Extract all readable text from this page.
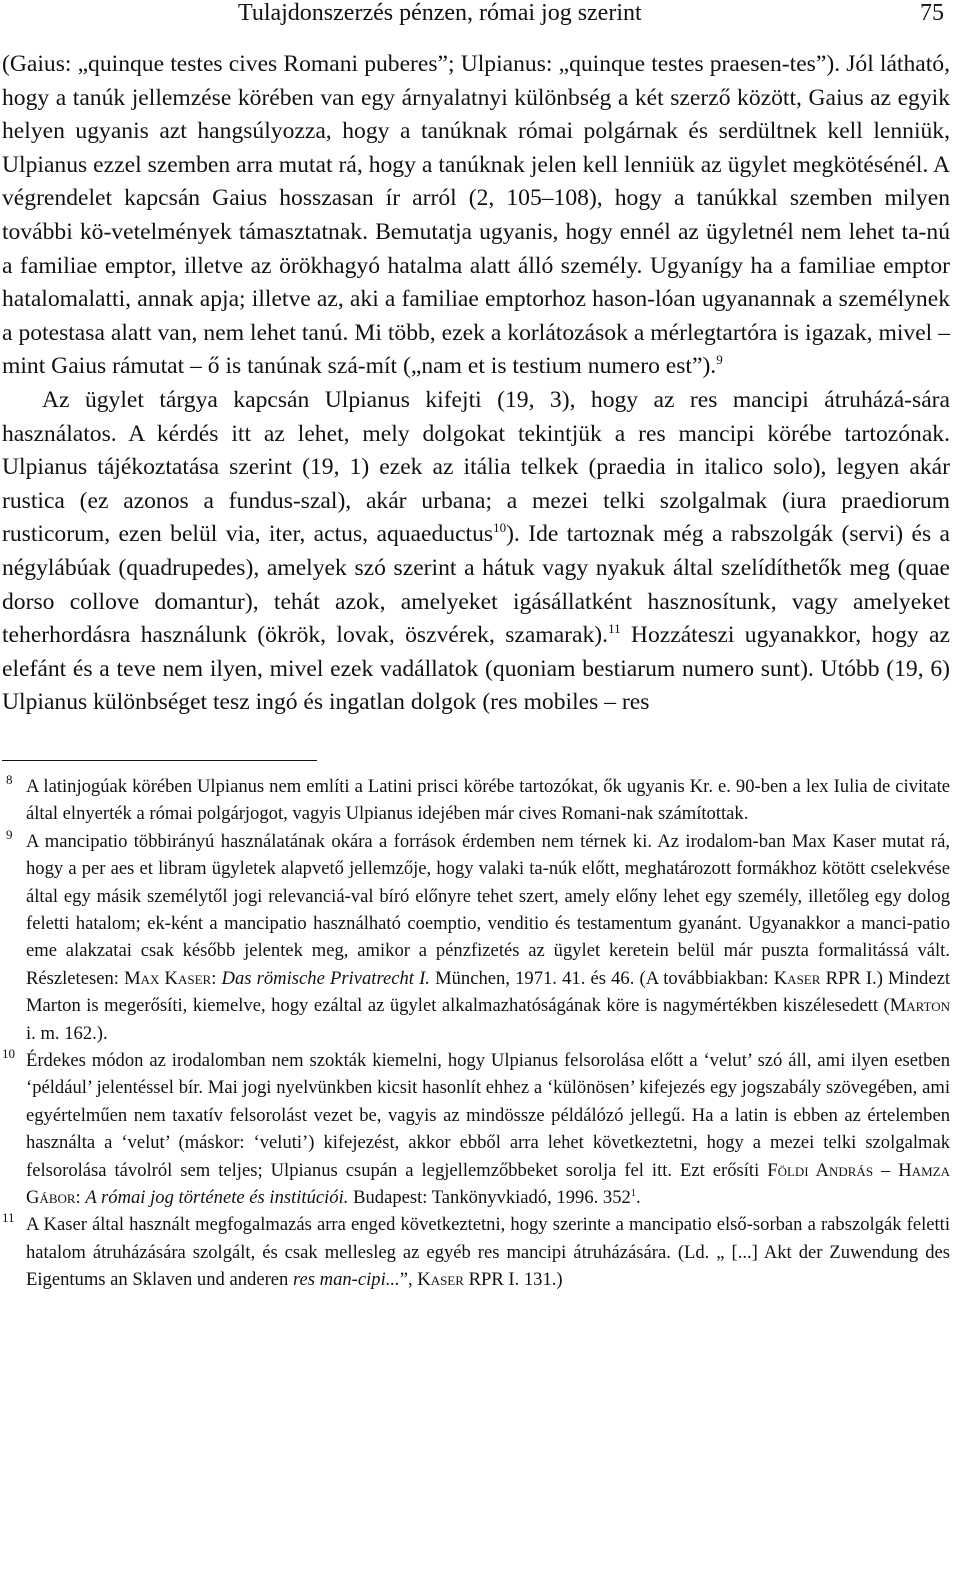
Tulajdonszerzés pénzen, római jog szerint	75

(Gaius: „quinque testes cives Romani puberes”; Ulpianus: „quinque testes praesen-tes”). Jól látható, hogy a tanúk jellemzése körében van egy árnyalatnyi különbség a két szerző között, Gaius az egyik helyen ugyanis azt hangsúlyozza, hogy a tanúknak római polgárnak és serdültnek kell lenniük, Ulpianus ezzel szemben arra mutat rá, hogy a tanúknak jelen kell lenniük az ügylet megkötésénél. A végrendelet kapcsán Gaius hosszasan ír arról (2, 105–108), hogy a tanúkkal szemben milyen további kö-vetelmények támasztatnak. Bemutatja ugyanis, hogy ennél az ügyletnél nem lehet ta-nú a familiae emptor, illetve az örökhagyó hatalma alatt álló személy. Ugyanígy ha a familiae emptor hatalomalatti, annak apja; illetve az, aki a familiae emptorhoz hason-lóan ugyanannak a személynek a potestasa alatt van, nem lehet tanú. Mi több, ezek a korlátozások a mérlegtartóra is igazak, mivel – mint Gaius rámutat – ő is tanúnak szá-mít („nam et is testium numero est”).$^9$

Az ügylet tárgya kapcsán Ulpianus kifejti (19, 3), hogy az res mancipi átruházá-sára használatos. A kérdés itt az lehet, mely dolgokat tekintjük a res mancipi körébe tartozónak. Ulpianus tájékoztatása szerint (19, 1) ezek az itália telkek (praedia in italico solo), legyen akár rustica (ez azonos a fundus-szal), akár urbana; a mezei telki szolgalmak (iura praediorum rusticorum, ezen belül via, iter, actus, aquaeductus$^{10}$). Ide tartoznak még a rabszolgák (servi) és a négylábúak (quadrupedes), amelyek szó szerint a hátuk vagy nyakuk által szelídíthetők meg (quae dorso collove domantur), tehát azok, amelyeket igásállatként hasznosítunk, vagy amelyeket teherhordásra használunk (ökrök, lovak, öszvérek, szamarak).$^{11}$ Hozzáteszi ugyanakkor, hogy az elefánt és a teve nem ilyen, mivel ezek vadállatok (quoniam bestiarum numero sunt). Utóbb (19, 6) Ulpianus különbséget tesz ingó és ingatlan dolgok (res mobiles – res

8 A latinjogúak körében Ulpianus nem említi a Latini prisci körébe tartozókat, ők ugyanis Kr. e. 90-ben a lex Iulia de civitate által elnyerték a római polgárjogot, vagyis Ulpianus idejében már cives Romani-nak számítottak.
9 A mancipatio többirányú használatának okára a források érdemben nem térnek ki. Az irodalom-ban Max Kaser mutat rá, hogy a per aes et libram ügyletek alapvető jellemzője, hogy valaki ta-núk előtt, meghatározott formákhoz kötött cselekvése által egy másik személytől jogi relevanciá-val bíró előnyre tehet szert, amely előny lehet egy személy, illetőleg egy dolog feletti hatalom; ek-ként a mancipatio használható coemptio, venditio és testamentum gyanánt. Ugyanakkor a manci-patio eme alakzatai csak később jelentek meg, amikor a pénzfizetés az ügylet keretein belül már puszta formalitássá vált. Részletesen: Max Kaser: Das römische Privatrecht I. München, 1971. 41. és 46. (A továbbiakban: Kaser RPR I.) Mindezt Marton is megerősíti, kiemelve, hogy ezáltal az ügylet alkalmazhatóságának köre is nagymértékben kiszélesedett (Marton i. m. 162.).
10 Érdekes módon az irodalomban nem szokták kiemelni, hogy Ulpianus felsorolása előtt a ‘velut’ szó áll, ami ilyen esetben ‘például’ jelentéssel bír. Mai jogi nyelvünkben kicsit hasonlít ehhez a ‘különösen’ kifejezés egy jogszabály szövegében, ami egyértelműen nem taxatív felsorolást vezet be, vagyis az mindössze példálózó jellegű. Ha a latin is ebben az értelemben használta a ‘velut’ (máskor: ‘veluti’) kifejezést, akkor ebből arra lehet következtetni, hogy a mezei telki szolgalmak felsorolása távolról sem teljes; Ulpianus csupán a legjellemzőbbeket sorolja fel itt. Ezt erősíti Földi András – Hamza Gábor: A római jog története és institúciói. Budapest: Tankönyvkiadó, 1996. $352^1$.
11 A Kaser által használt megfogalmazás arra enged következtetni, hogy szerinte a mancipatio első-sorban a rabszolgák feletti hatalom átruházására szolgált, és csak mellesleg az egyéb res mancipi átruházására. (Ld. „ [...] Akt der Zuwendung des Eigentums an Sklaven und anderen res man-cipi...”, Kaser RPR I. 131.)
